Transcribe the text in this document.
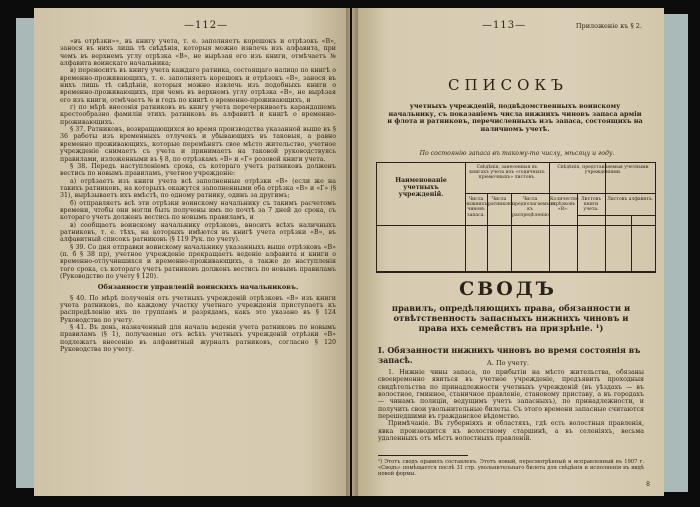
—112—

«въ отрѣзки»», въ книгу учета, т. е. заполняетъ корешокъ и отрѣзокъ «В», занося въ нихъ лишь тѣ свѣдѣнія, которыя можно извлечь изъ алфавита, при чемъ въ верхнемъ углу отрѣзка «В», не вырѣзая его изъ книги, отмѣчаетъ № алфавита воинскаго начальника;

в) переноситъ въ книгу учета каждаго ратника, состоящаго налицо по книгѣ о временно-проживающихъ, т. е. заполняетъ корешокъ и отрѣзокъ «В», занося въ нихъ лишь тѣ свѣдѣнія, которыя можно извлечь изъ подобныхъ книги о временно-проживающихъ, при чемъ въ верхнемъ углу отрѣзка «В», не вырѣзая его изъ книги, отмѣчаетъ № и годъ по книгѣ о временно-проживающихъ, и

г) по мѣрѣ внесенія ратниковъ въ книгу учета перечеркиваетъ карандашемъ крестообразно фамиліи этихъ ратниковъ въ алфавитѣ и книгѣ о временно-проживающихъ.

§ 37. Ратниковъ, возвращающихся во время производства указанной выше въ § 36 работы изъ временныхъ отлучекъ и убывающихъ въ таковыя, а равно временно проживающихъ, которые перемѣнятъ свое мѣсто жительство, учетное учрежденіе снимаетъ съ учета и принимаетъ на таковой руководствуясь правилами, изложенными въ § 8, по отрѣзкамъ «В» и «Г» розовой книги учета.

§ 38. Передъ наступленіемъ срока, съ котораго учетъ ратниковъ долженъ вестись по новымъ правиламъ, учетное учрежденіе:

а) отрѣзаетъ изъ книги учета всѣ заполненные отрѣзки «В» (если же на такихъ ратниковъ, на которыхъ окажутся заполненными оба отрѣзка «В» и «Г» (§ 31), вырѣзываетъ ихъ вмѣстѣ, по одному ратнику, одинъ за другимъ;

б) отправляетъ всѣ эти отрѣзки воинскому начальнику съ такимъ расчетомъ времени, чтобы они могли быть получены имъ по почтѣ за 7 дней до срока, съ котораго учетъ долженъ вестись по новымъ правиламъ, и

в) сообщаетъ воинскому начальнику отрѣзковъ, вноситъ всѣхъ наличныхъ ратниковъ, т. е. тѣхъ, на которыхъ имѣются въ книгѣ учета отрѣзки «В», въ алфавитный списокъ ратниковъ (§ 119 Рук. по учету).

§ 39. Со дня отправки воинскому начальнику указанныхъ выше отрѣзковъ «В» (п. б § 38 пр), учетное учрежденіе прекращаетъ веденіе алфавита и книги о временно-отлучившихся и временно-проживающихъ, а также до наступленія того срока, съ котораго учетъ ратниковъ долженъ вестись по новымъ правиламъ (Руководство по учету § 120).

Обязанности управленій воинскихъ начальниковъ.

§ 40. По мѣрѣ полученія отъ учетныхъ учрежденій отрѣзковъ «В» изъ книги учета ратниковъ, по каждому участку учетнаго учрежденія приступаетъ къ распредѣленію ихъ по группамъ и разрядамъ, какъ это указано въ § 124 Руководства по учету.

§ 41. Въ день, назначенный для начала веденія учета ратниковъ по новымъ правиламъ (§ 1), получаемые отъ всѣхъ учетныхъ учрежденій отрѣзки «В» подлежатъ внесенію въ алфавитный журналъ ратниковъ, согласно § 120 Руководства по учету.

—113—	Приложеніе къ § 2.
СПИСОКЪ
учетныхъ учрежденій, подвѣдомственныхъ воинскому начальнику, съ показаніемъ числа нижнихъ чиновъ запаса арміи и флота и ратниковъ, перечисленныхъ изъ запаса, состоящихъ на наличномъ учетѣ.
По состоянію запаса въ такому-то числу, мѣсяцу и году.
Наименованіе учетныхъ учрежденій.
Свѣдѣнія, занесенныя въ книгахъ учета изъ «годичныхъ пріемочныхъ» листовъ.
Свѣдѣнія, представляемыя учетными учрежденіями.
Числа нижнихъ чиновъ запаса.
Числа ратниковъ.
Числа предполагаемыхъ къ распредѣленію.
Количество отрѣзковъ «В».
Листовъ книги учета.
Листовъ алфавита.
СВОДЪ
правилъ, опредѣляющихъ права, обязанности и отвѣтственность запасныхъ нижнихъ чиновъ и права ихъ семействъ на призрѣніе. ¹)
I. Обязанности нижнихъ чиновъ во время состоянія въ запасѣ.	А. По учету.

1. Нижніе чины запаса, по прибытіи на мѣсто жительства, обязаны своевременно явиться въ учетное учрежденіе, предъявить проходныя свидѣтельства по принадлежности учетныхъ учрежденій (въ уѣздахъ — въ волостное, гминное, станичное правленіе, становому приставу, а въ городахъ — чинамъ полиціи, ведущимъ учетъ запасныхъ), по принадлежности, и получить свои увольнительные билеты. Съ этого времени запасные считаются перешедшими въ гражданское вѣдомство.

Примѣчаніе. Въ губерніяхъ и областяхъ, гдѣ есть волостныя правленія, явка производится къ волостному старшинѣ, а въ селеніяхъ, весьма удаленныхъ отъ мѣстъ волостныхъ правленій.

¹) Этотъ сводъ правилъ составленъ. Этотъ новый, пересмотрѣнный и исправленный въ 1907 г. «Сводъ» помѣщается послѣ 31 стр. увольнительнаго билета для свѣдѣнія и исполненія въ видѣ новой формы.
8
